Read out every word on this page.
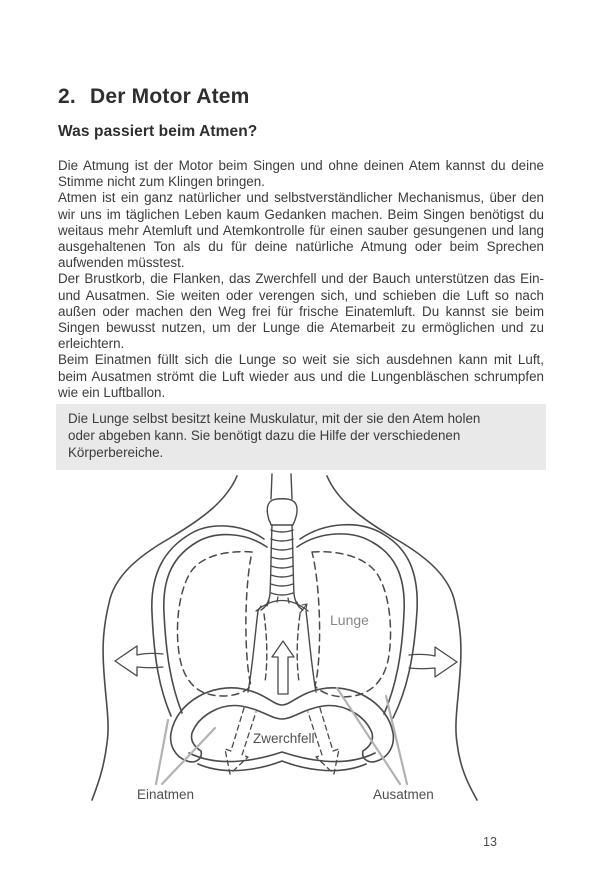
2. Der Motor Atem
Was passiert beim Atmen?

Die Atmung ist der Motor beim Singen und ohne deinen Atem kannst du deine Stimme nicht zum Klingen bringen.

Atmen ist ein ganz natürlicher und selbstverständlicher Mechanismus, über den wir uns im täglichen Leben kaum Gedanken machen. Beim Singen benötigst du weitaus mehr Atemluft und Atemkontrolle für einen sauber gesungenen und lang ausgehaltenen Ton als du für deine natürliche Atmung oder beim Sprechen aufwenden müsstest.

Der Brustkorb, die Flanken, das Zwerchfell und der Bauch unterstützen das Ein- und Ausatmen. Sie weiten oder verengen sich, und schieben die Luft so nach außen oder machen den Weg frei für frische Einatemluft. Du kannst sie beim Singen bewusst nutzen, um der Lunge die Atemarbeit zu ermöglichen und zu erleichtern.

Beim Einatmen füllt sich die Lunge so weit sie sich ausdehnen kann mit Luft, beim Ausatmen strömt die Luft wieder aus und die Lungenbläschen schrumpfen wie ein Luftballon.

Die Lunge selbst besitzt keine Muskulatur, mit der sie den Atem holen oder abgeben kann. Sie benötigt dazu die Hilfe der verschiedenen Körperbereiche.

Lunge
Zwerchfell
Einatmen	Ausatmen
13
